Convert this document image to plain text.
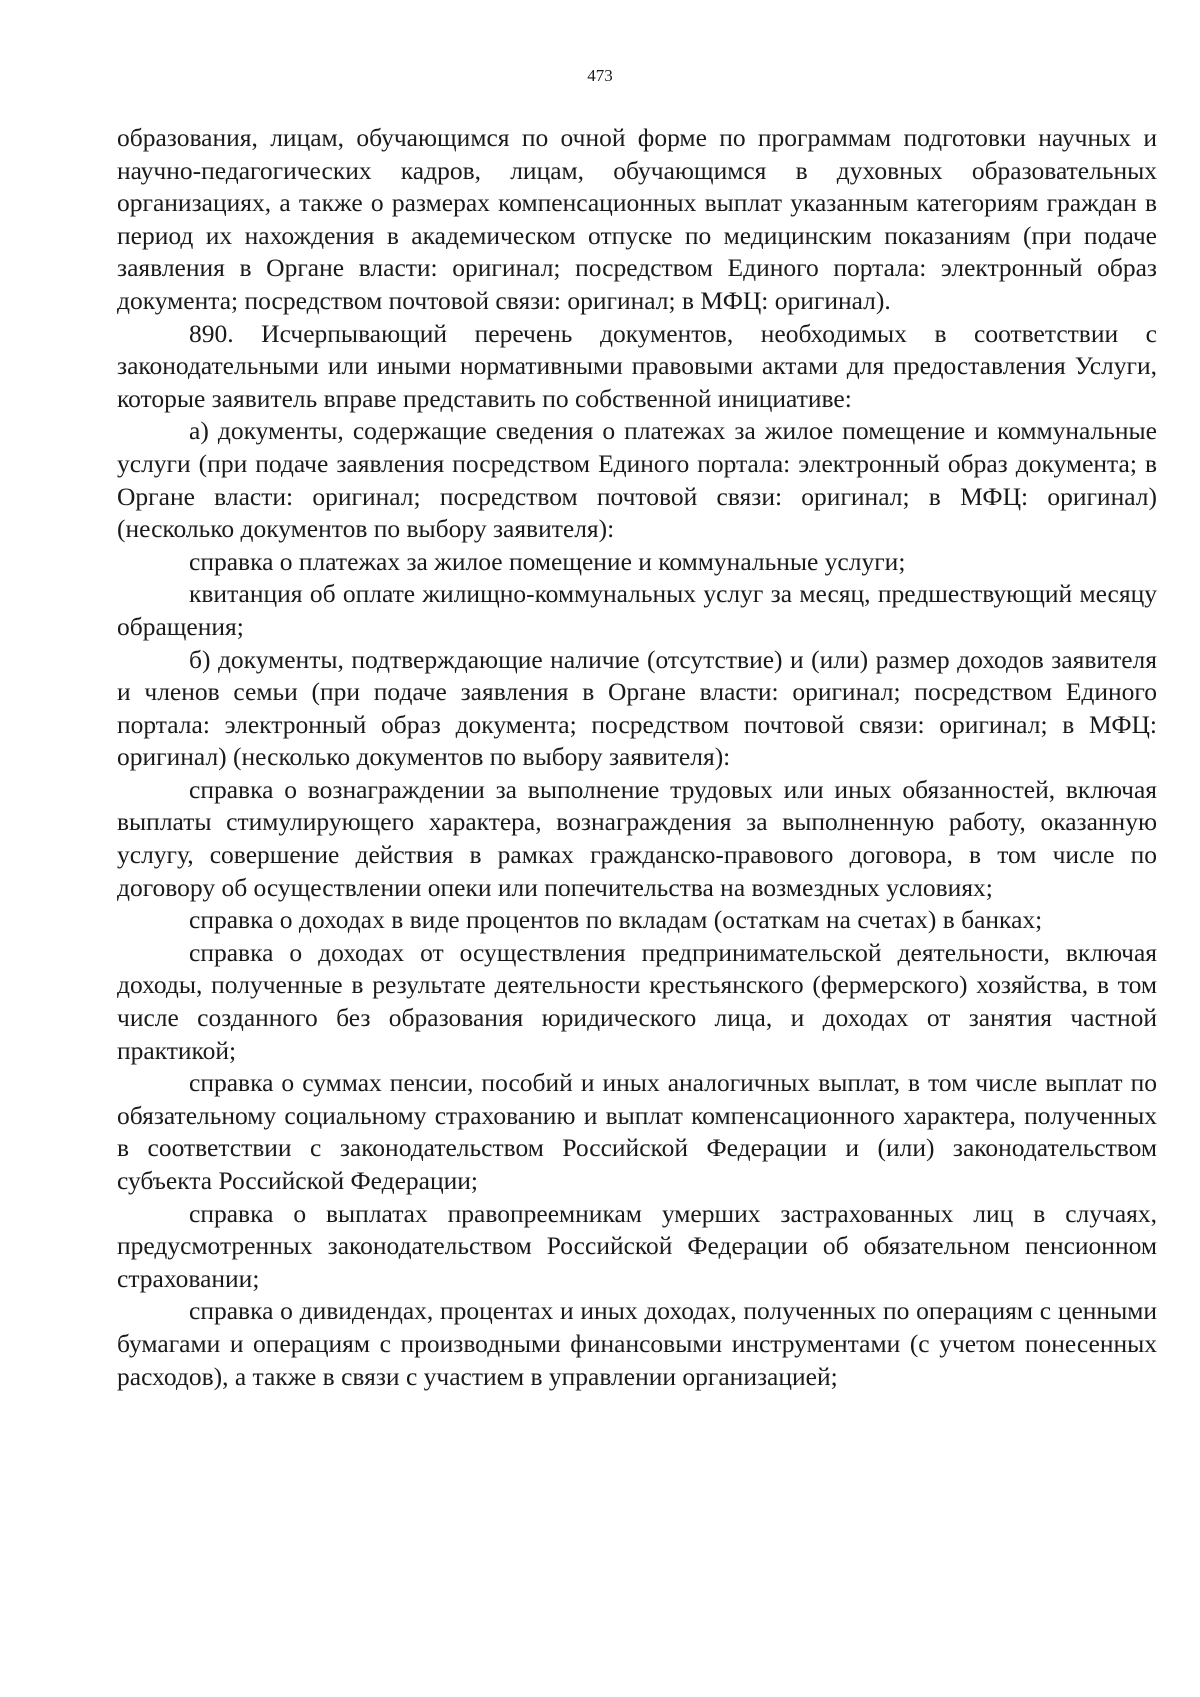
473

образования, лицам, обучающимся по очной форме по программам подготовки научных и научно-педагогических кадров, лицам, обучающимся в духовных образовательных организациях, а также о размерах компенсационных выплат указанным категориям граждан в период их нахождения в академическом отпуске по медицинским показаниям (при подаче заявления в Органе власти: оригинал; посредством Единого портала: электронный образ документа; посредством почтовой связи: оригинал; в МФЦ: оригинал).

890. Исчерпывающий перечень документов, необходимых в соответствии с законодательными или иными нормативными правовыми актами для предоставления Услуги, которые заявитель вправе представить по собственной инициативе:

а) документы, содержащие сведения о платежах за жилое помещение и коммунальные услуги (при подаче заявления посредством Единого портала: электронный образ документа; в Органе власти: оригинал; посредством почтовой связи: оригинал; в МФЦ: оригинал) (несколько документов по выбору заявителя):

справка о платежах за жилое помещение и коммунальные услуги;

квитанция об оплате жилищно-коммунальных услуг за месяц, предшествующий месяцу обращения;

б) документы, подтверждающие наличие (отсутствие) и (или) размер доходов заявителя и членов семьи (при подаче заявления в Органе власти: оригинал; посредством Единого портала: электронный образ документа; посредством почтовой связи: оригинал; в МФЦ: оригинал) (несколько документов по выбору заявителя):

справка о вознаграждении за выполнение трудовых или иных обязанностей, включая выплаты стимулирующего характера, вознаграждения за выполненную работу, оказанную услугу, совершение действия в рамках гражданско-правового договора, в том числе по договору об осуществлении опеки или попечительства на возмездных условиях;

справка о доходах в виде процентов по вкладам (остаткам на счетах) в банках;

справка о доходах от осуществления предпринимательской деятельности, включая доходы, полученные в результате деятельности крестьянского (фермерского) хозяйства, в том числе созданного без образования юридического лица, и доходах от занятия частной практикой;

справка о суммах пенсии, пособий и иных аналогичных выплат, в том числе выплат по обязательному социальному страхованию и выплат компенсационного характера, полученных в соответствии с законодательством Российской Федерации и (или) законодательством субъекта Российской Федерации;

справка о выплатах правопреемникам умерших застрахованных лиц в случаях, предусмотренных законодательством Российской Федерации об обязательном пенсионном страховании;

справка о дивидендах, процентах и иных доходах, полученных по операциям с ценными бумагами и операциям с производными финансовыми инструментами (с учетом понесенных расходов), а также в связи с участием в управлении организацией;
